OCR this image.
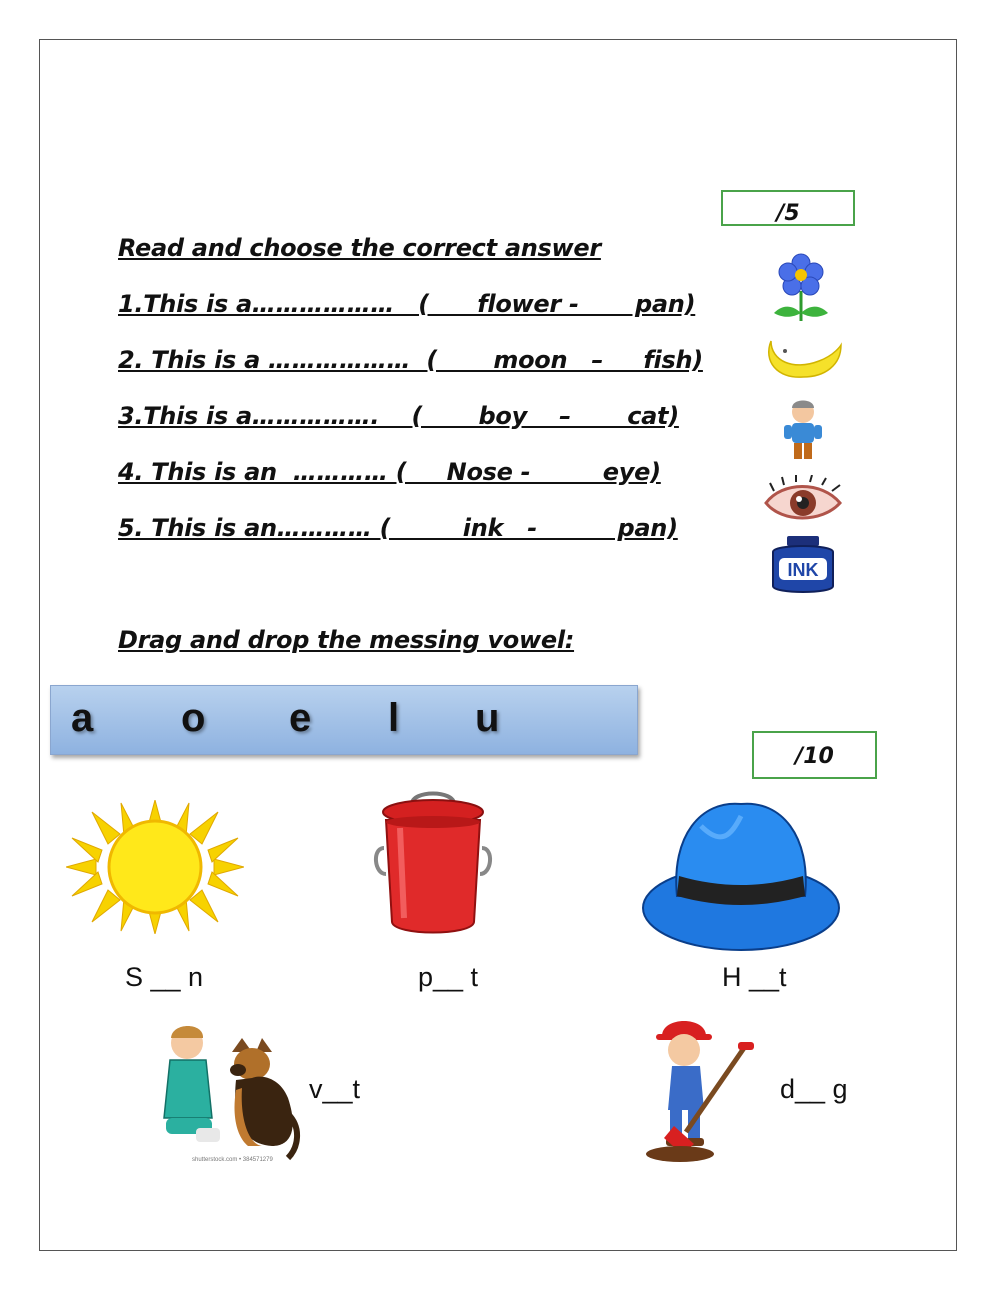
/5
Read and choose the correct answer
1.This is a………………   (      flower -       pan)
2. This is a ………………  (       moon   –     fish)
3.This is a…………….    (       boy    –       cat)
4. This is an  ………… (     Nose -         eye)
5. This is an………… (         ink   -          pan)
INK
Drag and drop the messing vowel:
a o e l u
/10
shutterstock.com • 384571279
S __ n	p__ t	H __t
v__t	d__ g
